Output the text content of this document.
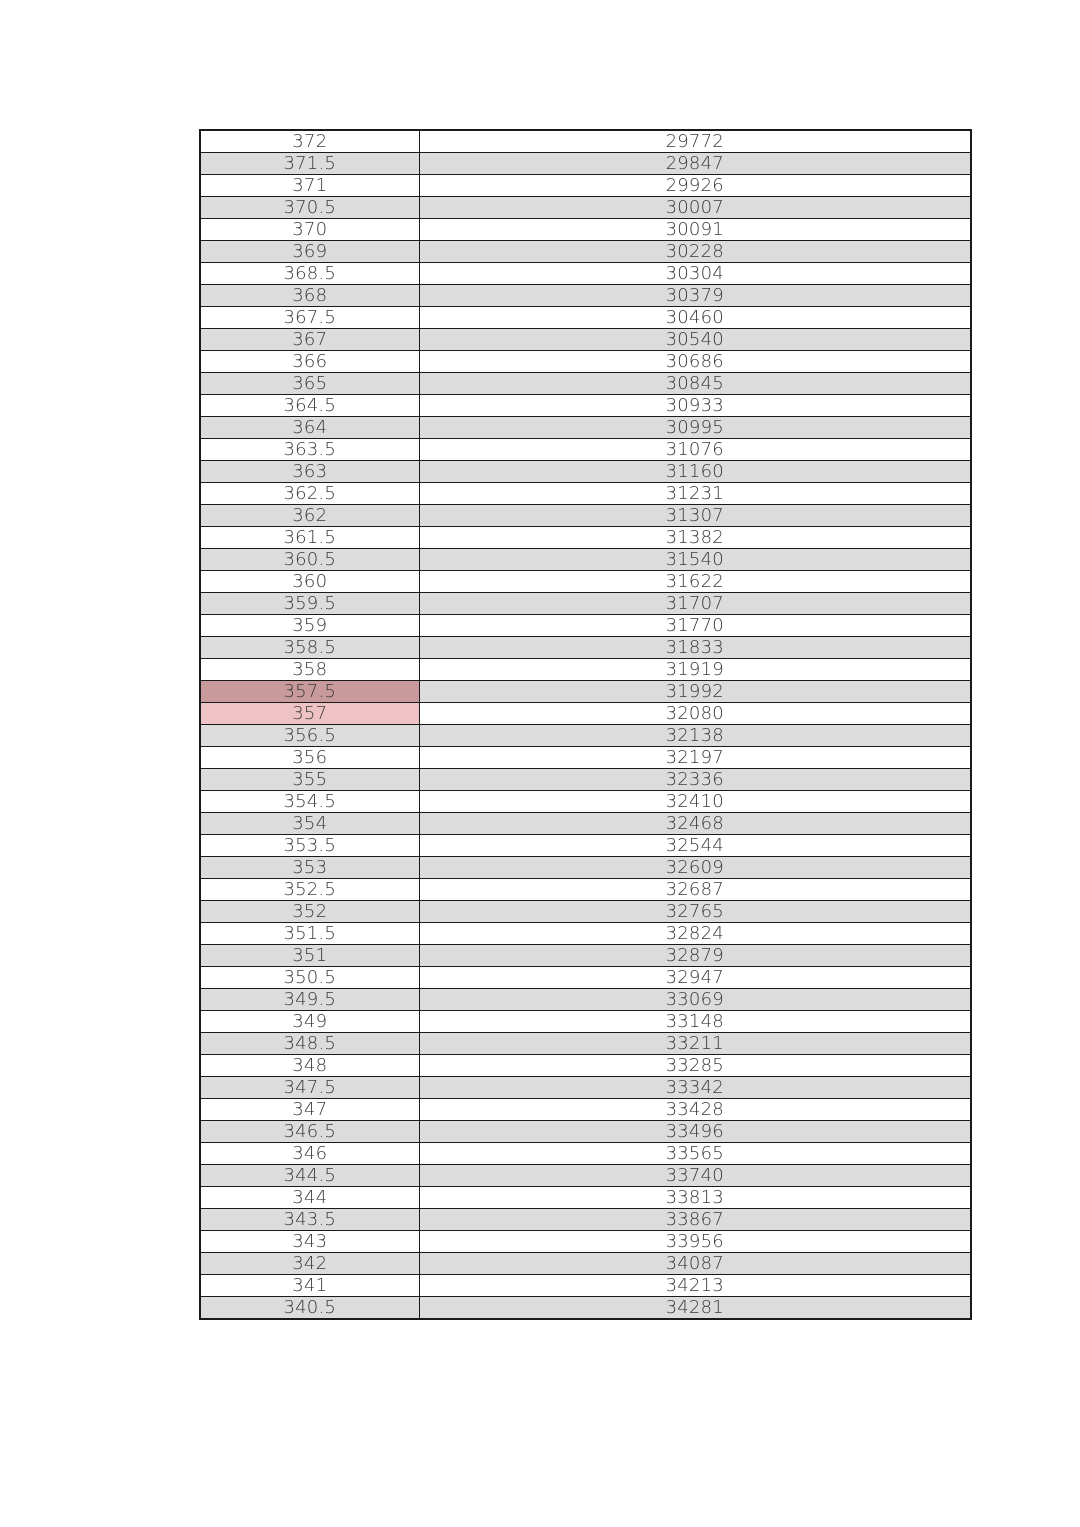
372	29772
371.5	29847
371	29926
370.5	30007
370	30091
369	30228
368.5	30304
368	30379
367.5	30460
367	30540
366	30686
365	30845
364.5	30933
364	30995
363.5	31076
363	31160
362.5	31231
362	31307
361.5	31382
360.5	31540
360	31622
359.5	31707
359	31770
358.5	31833
358	31919
357.5	31992
357	32080
356.5	32138
356	32197
355	32336
354.5	32410
354	32468
353.5	32544
353	32609
352.5	32687
352	32765
351.5	32824
351	32879
350.5	32947
349.5	33069
349	33148
348.5	33211
348	33285
347.5	33342
347	33428
346.5	33496
346	33565
344.5	33740
344	33813
343.5	33867
343	33956
342	34087
341	34213
340.5	34281
